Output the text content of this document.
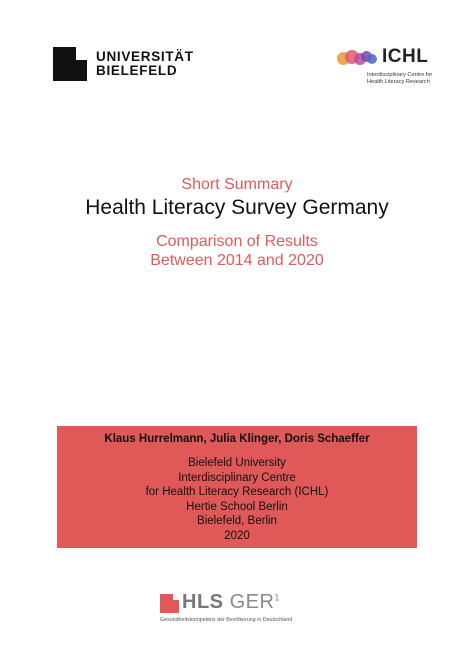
UNIVERSITÄT
BIELEFELD
ICHL
Interdisciplinary Centre for
Health Literacy Research
Short Summary
Health Literacy Survey Germany
Comparison of Results
Between 2014 and 2020
Klaus Hurrelmann, Julia Klinger, Doris Schaeffer
Bielefeld University
Interdisciplinary Centre
for Health Literacy Research (ICHL)
Hertie School Berlin
Bielefeld, Berlin
2020
HLS GER$^1$
Gesundheitskompetenz der Bevölkerung in Deutschland
